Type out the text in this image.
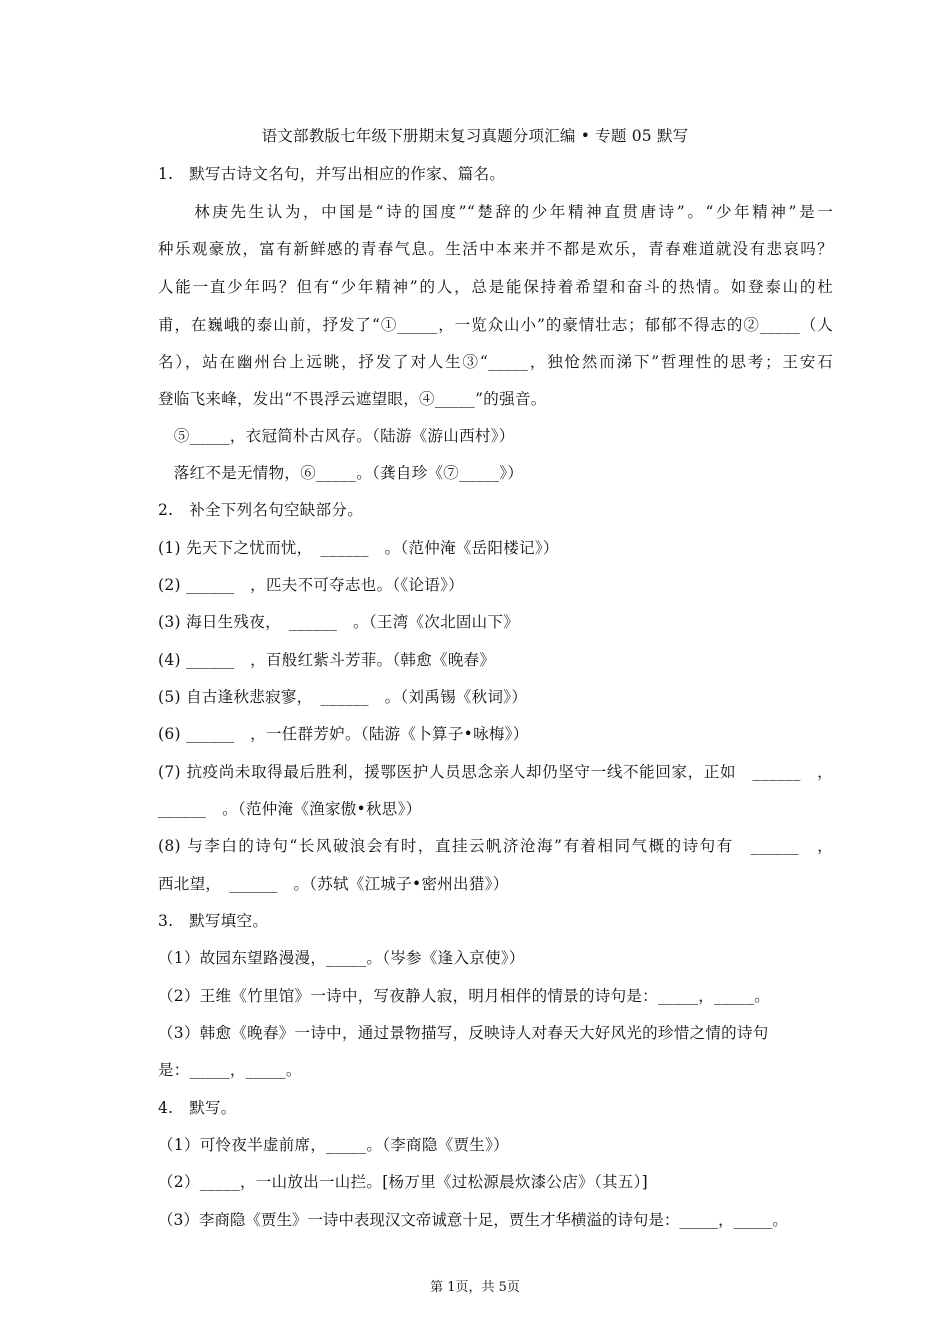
语文部教版七年级下册期末复习真题分项汇编 • 专题 05 默写
1.　默写古诗文名句，并写出相应的作家、篇名。
　　林庚先生认为，中国是“诗的国度”“楚辞的少年精神直贯唐诗”。“少年精神”是一
种乐观豪放，富有新鲜感的青春气息。生活中本来并不都是欢乐，青春难道就没有悲哀吗？
人能一直少年吗？但有“少年精神”的人，总是能保持着希望和奋斗的热情。如登泰山的杜
甫，在巍峨的泰山前，抒发了“①_____，一览众山小”的豪情壮志；郁郁不得志的②_____（人
名），站在幽州台上远眺，抒发了对人生③“_____，独怆然而涕下”哲理性的思考；王安石
登临飞来峰，发出“不畏浮云遮望眼，④_____”的强音。
　⑤_____，衣冠简朴古风存。（陆游《游山西村》）
　落红不是无情物，⑥_____。（龚自珍《⑦_____》）
2.　补全下列名句空缺部分。
(1) 先天下之忧而忧，　______　。（范仲淹《岳阳楼记》）
(2) ______　，匹夫不可夺志也。（《论语》）
(3) 海日生残夜，　______　。（王湾《次北固山下》
(4) ______　，百般红紫斗芳菲。（韩愈《晚春》
(5) 自古逢秋悲寂寥，　______　。（刘禹锡《秋词》）
(6) ______　，一任群芳妒。（陆游《卜算子•咏梅》）
(7) 抗疫尚未取得最后胜利，援鄂医护人员思念亲人却仍坚守一线不能回家，正如　______　，
______　。（范仲淹《渔家傲•秋思》）
(8) 与李白的诗句“长风破浪会有时，直挂云帆济沧海”有着相同气概的诗句有　______　，
西北望，　______　。（苏轼《江城子•密州出猎》）
3.　默写填空。
（1）故园东望路漫漫，_____。（岑参《逢入京使》）
（2）王维《竹里馆》一诗中，写夜静人寂，明月相伴的情景的诗句是：_____，_____。
（3）韩愈《晚春》一诗中，通过景物描写，反映诗人对春天大好风光的珍惜之情的诗句
是：_____，_____。
4.　默写。
（1）可怜夜半虚前席，_____。（李商隐《贾生》）
（2）_____，一山放出一山拦。[杨万里《过松源晨炊漆公店》（其五）]
（3）李商隐《贾生》一诗中表现汉文帝诚意十足，贾生才华横溢的诗句是：_____，_____。
第 1页，共 5页
